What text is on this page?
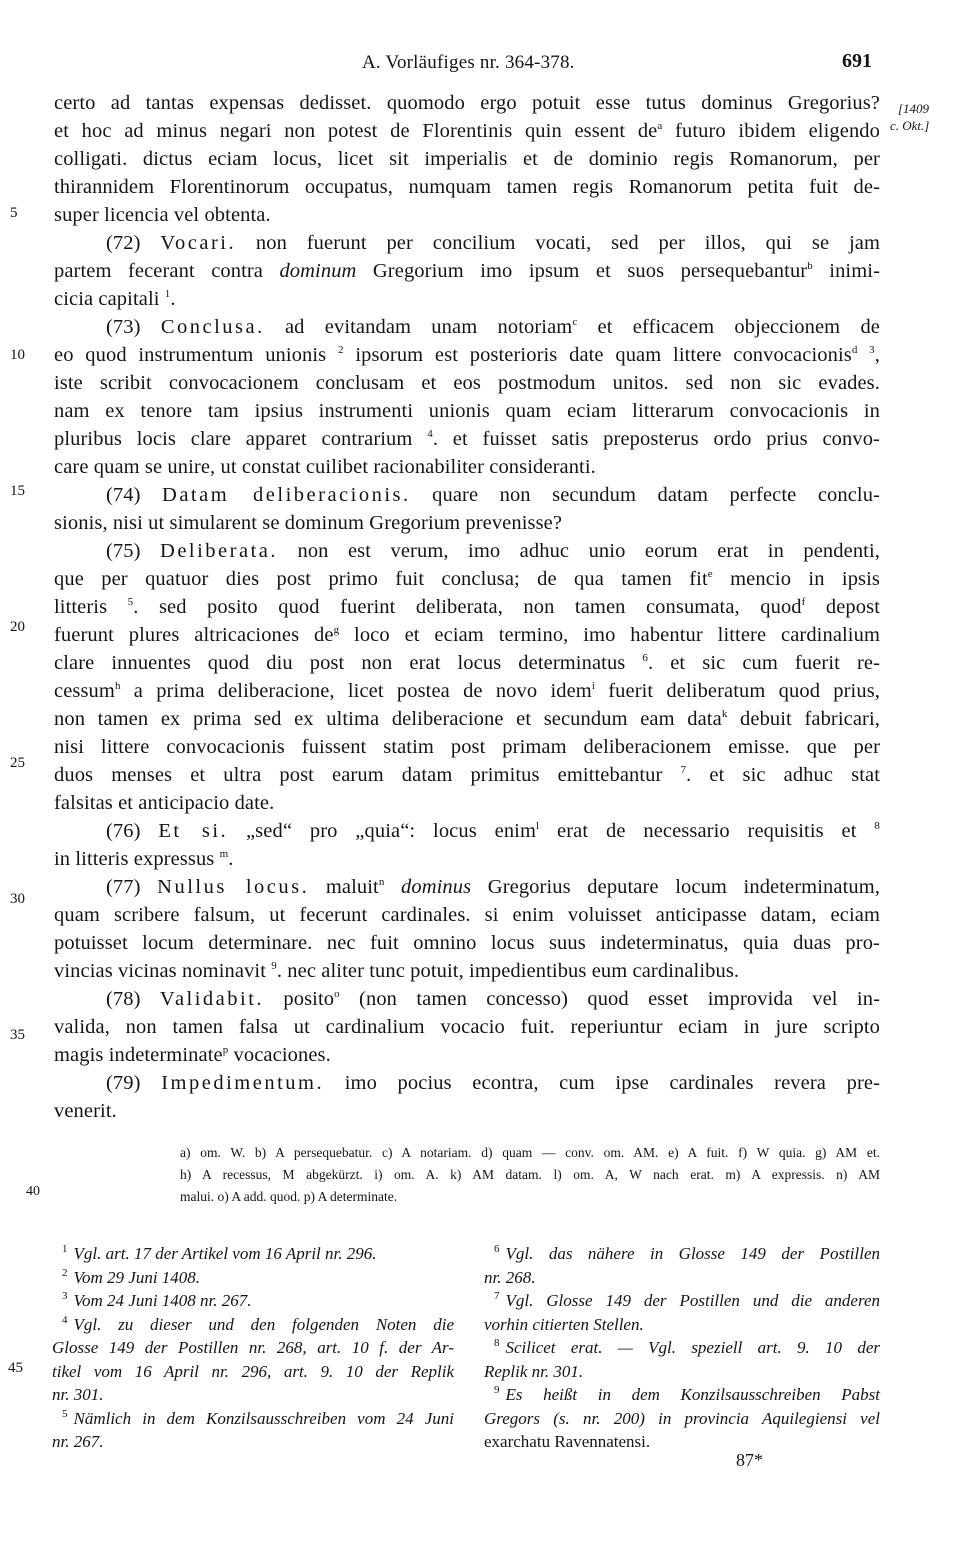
A. Vorläufiges nr. 364-378.	691
[1409
c. Okt.]
5
10
15
20
25
30
35
certo ad tantas expensas dedisset. quomodo ergo potuit esse tutus dominus Gregorius?
et hoc ad minus negari non potest de Florentinis quin essent $de^a$ futuro ibidem eligendo
colligati. dictus eciam locus, licet sit imperialis et de dominio regis Romanorum, per
thirannidem Florentinorum occupatus, numquam tamen regis Romanorum petita fuit de-
super licencia vel obtenta.
(72) Vocari. non fuerunt per concilium vocati, sed per illos, qui se jam
partem fecerant contra dominum Gregorium imo ipsum et suos persequebantur$^b$ inimi-
cicia capitali $^1$.
(73) Conclusa. ad evitandam unam notoriam$^c$ et efficacem objeccionem de
eo quod instrumentum unionis $^2$ ipsorum est posterioris date quam littere convocacionis$^d$ $^3$,
iste scribit convocacionem conclusam et eos postmodum unitos. sed non sic evades.
nam ex tenore tam ipsius instrumenti unionis quam eciam litterarum convocacionis in
pluribus locis clare apparet contrarium $^4$. et fuisset satis preposterus ordo prius convo-
care quam se unire, ut constat cuilibet racionabiliter consideranti.
(74) Datam deliberacionis. quare non secundum datam perfecte conclu-
sionis, nisi ut simularent se dominum Gregorium prevenisse?
(75) Deliberata. non est verum, imo adhuc unio eorum erat in pendenti,
que per quatuor dies post primo fuit conclusa; de qua tamen fit$^e$ mencio in ipsis
litteris $^5$. sed posito quod fuerint deliberata, non tamen consumata, quod$^f$ depost
fuerunt plures altricaciones $de^g$ loco et eciam termino, imo habentur littere cardinalium
clare innuentes quod diu post non erat locus determinatus $^6$. et sic cum fuerit re-
cessum$^h$ a prima deliberacione, licet postea de novo idem$^i$ fuerit deliberatum quod prius,
non tamen ex prima sed ex ultima deliberacione et secundum eam data$^k$ debuit fabricari,
nisi littere convocacionis fuissent statim post primam deliberacionem emisse. que per
duos menses et ultra post earum datam primitus emittebantur $^7$. et sic adhuc stat
falsitas et anticipacio date.
(76) Et si. „sed“ pro „quia“: locus enim$^l$ erat de necessario requisitis et $^8$
in litteris expressus $^m$.
(77) Nullus locus. maluit$^n$ dominus Gregorius deputare locum indeterminatum,
quam scribere falsum, ut fecerunt cardinales. si enim voluisset anticipasse datam, eciam
potuisset locum determinare. nec fuit omnino locus suus indeterminatus, quia duas pro-
vincias vicinas nominavit $^9$. nec aliter tunc potuit, impedientibus eum cardinalibus.
(78) Validabit. posito$^o$ (non tamen concesso) quod esset improvida vel in-
valida, non tamen falsa ut cardinalium vocacio fuit. reperiuntur eciam in jure scripto
magis indeterminate$^p$ vocaciones.
(79) Impedimentum. imo pocius econtra, cum ipse cardinales revera pre-
venerit.
a) om. W. b) A persequebatur. c) A notariam. d) quam — conv. om. AM. e) A fuit. f) W quia. g) AM et.
h) A recessus, M abgekürzt. i) om. A. k) AM datam. l) om. A, W nach erat. m) A expressis. n) AM
malui. o) A add. quod. p) A determinate.
40
$^1$ Vgl. art. 17 der Artikel vom 16 April nr. 296.
$^2$ Vom 29 Juni 1408.
$^3$ Vom 24 Juni 1408 nr. 267.
$^4$ Vgl. zu dieser und den folgenden Noten die
Glosse 149 der Postillen nr. 268, art. 10 f. der Ar-
tikel vom 16 April nr. 296, art. 9. 10 der Replik
nr. 301.
$^5$ Nämlich in dem Konzilsausschreiben vom 24 Juni
nr. 267.
45
$^6$ Vgl. das nähere in Glosse 149 der Postillen
nr. 268.
$^7$ Vgl. Glosse 149 der Postillen und die anderen
vorhin citierten Stellen.
$^8$ Scilicet erat. — Vgl. speziell art. 9. 10 der
Replik nr. 301.
$^9$ Es heißt in dem Konzilsausschreiben Pabst
Gregors (s. nr. 200) in provincia Aquilegiensi vel
exarchatu Ravennatensi.
87*
